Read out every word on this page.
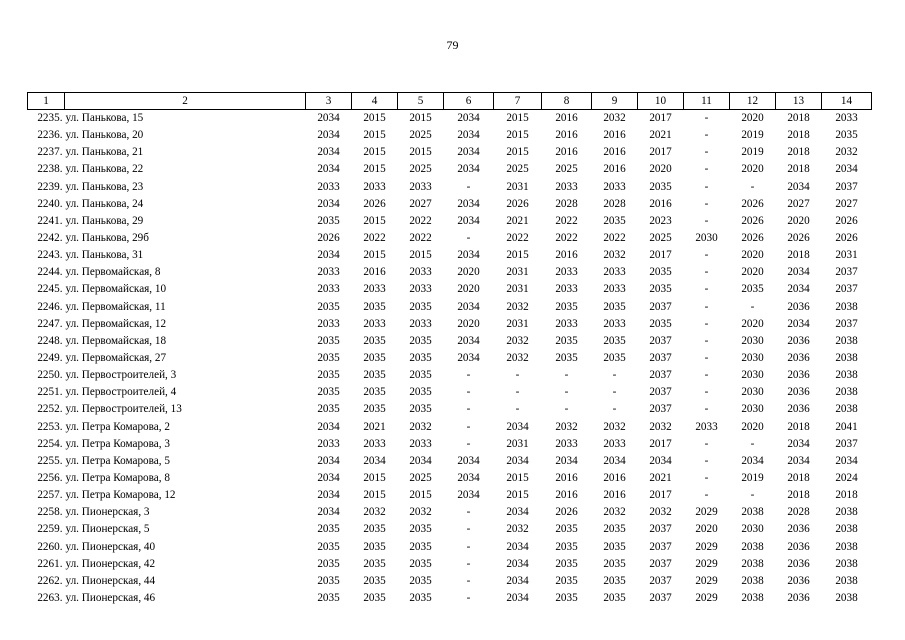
79
1	2	3	4	5	6	7	8	9	10	11	12	13	14
2235.	ул. Панькова, 15	2034	2015	2015	2034	2015	2016	2032	2017	-	2020	2018	2033
2236.	ул. Панькова, 20	2034	2015	2025	2034	2015	2016	2016	2021	-	2019	2018	2035
2237.	ул. Панькова, 21	2034	2015	2015	2034	2015	2016	2016	2017	-	2019	2018	2032
2238.	ул. Панькова, 22	2034	2015	2025	2034	2025	2025	2016	2020	-	2020	2018	2034
2239.	ул. Панькова, 23	2033	2033	2033	-	2031	2033	2033	2035	-	-	2034	2037
2240.	ул. Панькова, 24	2034	2026	2027	2034	2026	2028	2028	2016	-	2026	2027	2027
2241.	ул. Панькова, 29	2035	2015	2022	2034	2021	2022	2035	2023	-	2026	2020	2026
2242.	ул. Панькова, 29б	2026	2022	2022	-	2022	2022	2022	2025	2030	2026	2026	2026
2243.	ул. Панькова, 31	2034	2015	2015	2034	2015	2016	2032	2017	-	2020	2018	2031
2244.	ул. Первомайская, 8	2033	2016	2033	2020	2031	2033	2033	2035	-	2020	2034	2037
2245.	ул. Первомайская, 10	2033	2033	2033	2020	2031	2033	2033	2035	-	2035	2034	2037
2246.	ул. Первомайская, 11	2035	2035	2035	2034	2032	2035	2035	2037	-	-	2036	2038
2247.	ул. Первомайская, 12	2033	2033	2033	2020	2031	2033	2033	2035	-	2020	2034	2037
2248.	ул. Первомайская, 18	2035	2035	2035	2034	2032	2035	2035	2037	-	2030	2036	2038
2249.	ул. Первомайская, 27	2035	2035	2035	2034	2032	2035	2035	2037	-	2030	2036	2038
2250.	ул. Первостроителей, 3	2035	2035	2035	-	-	-	-	2037	-	2030	2036	2038
2251.	ул. Первостроителей, 4	2035	2035	2035	-	-	-	-	2037	-	2030	2036	2038
2252.	ул. Первостроителей, 13	2035	2035	2035	-	-	-	-	2037	-	2030	2036	2038
2253.	ул. Петра Комарова, 2	2034	2021	2032	-	2034	2032	2032	2032	2033	2020	2018	2041
2254.	ул. Петра Комарова, 3	2033	2033	2033	-	2031	2033	2033	2017	-	-	2034	2037
2255.	ул. Петра Комарова, 5	2034	2034	2034	2034	2034	2034	2034	2034	-	2034	2034	2034
2256.	ул. Петра Комарова, 8	2034	2015	2025	2034	2015	2016	2016	2021	-	2019	2018	2024
2257.	ул. Петра Комарова, 12	2034	2015	2015	2034	2015	2016	2016	2017	-	-	2018	2018
2258.	ул. Пионерская, 3	2034	2032	2032	-	2034	2026	2032	2032	2029	2038	2028	2038
2259.	ул. Пионерская, 5	2035	2035	2035	-	2032	2035	2035	2037	2020	2030	2036	2038
2260.	ул. Пионерская, 40	2035	2035	2035	-	2034	2035	2035	2037	2029	2038	2036	2038
2261.	ул. Пионерская, 42	2035	2035	2035	-	2034	2035	2035	2037	2029	2038	2036	2038
2262.	ул. Пионерская, 44	2035	2035	2035	-	2034	2035	2035	2037	2029	2038	2036	2038
2263.	ул. Пионерская, 46	2035	2035	2035	-	2034	2035	2035	2037	2029	2038	2036	2038
